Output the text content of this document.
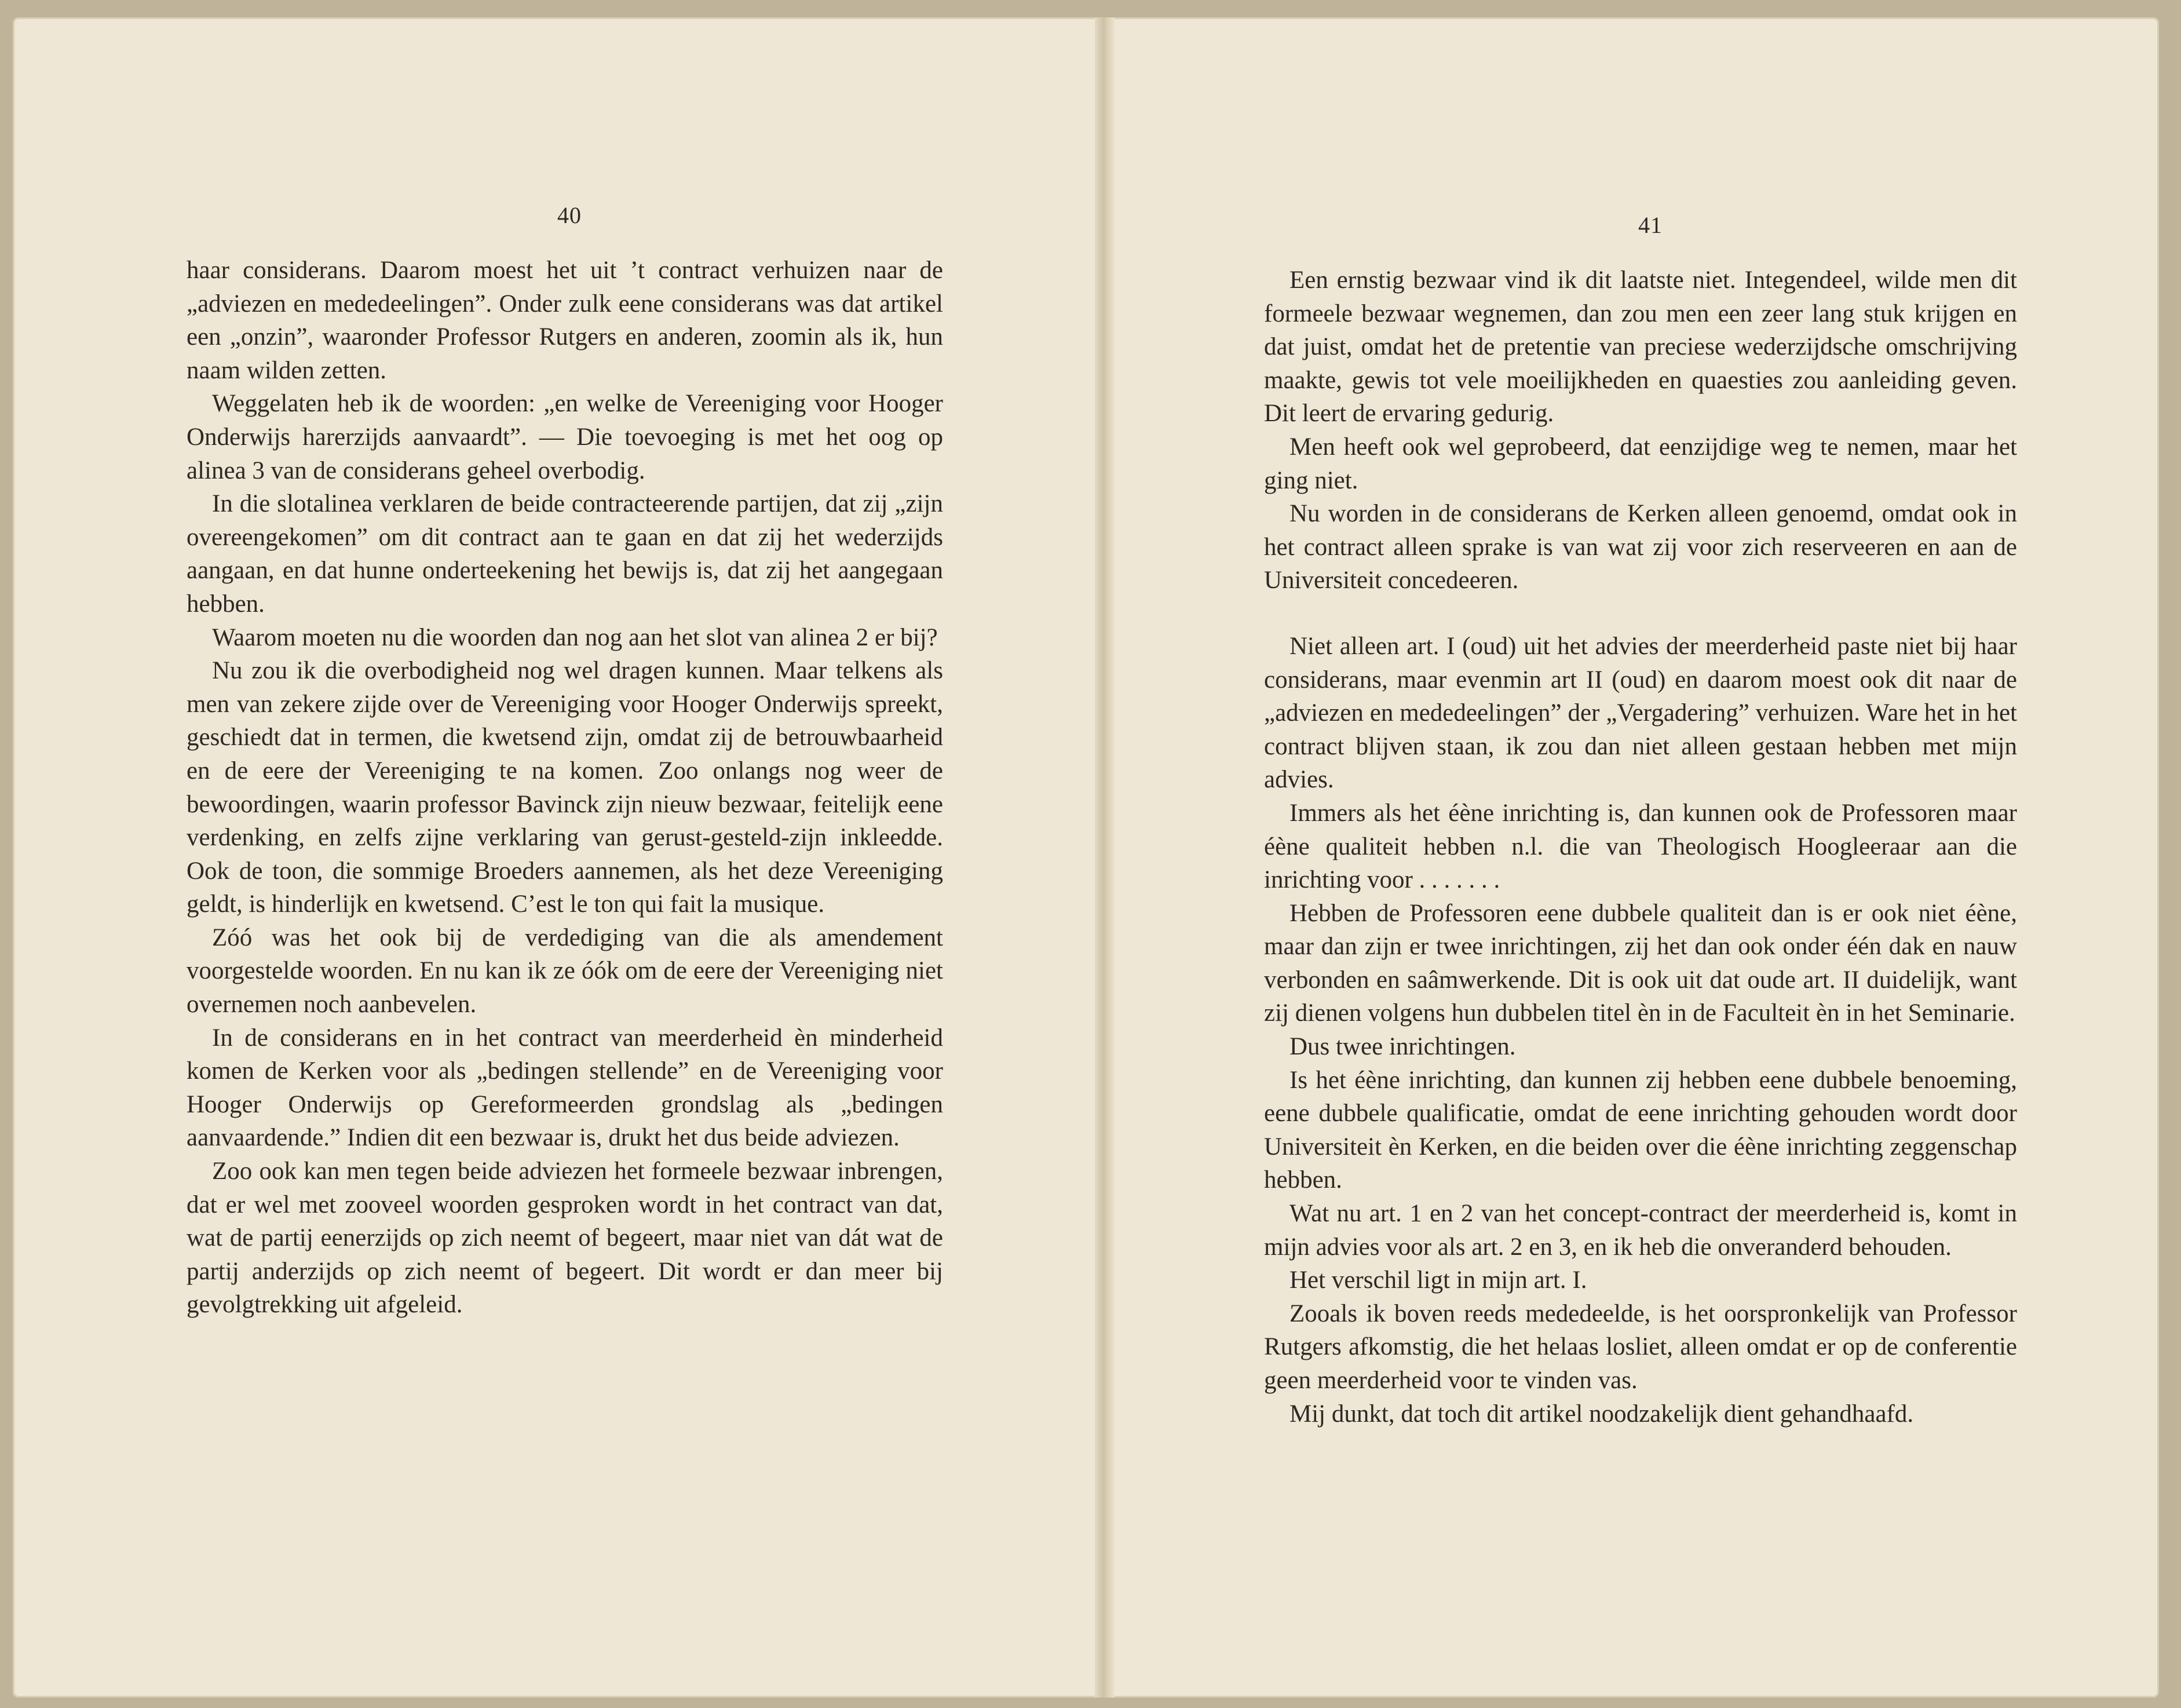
40

haar considerans. Daarom moest het uit ’t contract verhuizen naar de „adviezen en mededeelingen”. Onder zulk eene considerans was dat artikel een „onzin”, waaronder Professor Rutgers en anderen, zoomin als ik, hun naam wilden zetten.

Weggelaten heb ik de woorden: „en welke de Vereeniging voor Hooger Onderwijs harerzijds aanvaardt”. — Die toevoeging is met het oog op alinea 3 van de considerans geheel overbodig.

In die slotalinea verklaren de beide contracteerende partijen, dat zij „zijn overeengekomen” om dit contract aan te gaan en dat zij het wederzijds aangaan, en dat hunne onderteekening het bewijs is, dat zij het aangegaan hebben.

Waarom moeten nu die woorden dan nog aan het slot van alinea 2 er bij?

Nu zou ik die overbodigheid nog wel dragen kunnen. Maar telkens als men van zekere zijde over de Vereeniging voor Hooger Onderwijs spreekt, geschiedt dat in termen, die kwetsend zijn, omdat zij de betrouwbaarheid en de eere der Vereeniging te na komen. Zoo onlangs nog weer de bewoordingen, waarin professor Bavinck zijn nieuw bezwaar, feitelijk eene verdenking, en zelfs zijne verklaring van gerust-gesteld-zijn inkleedde. Ook de toon, die sommige Broeders aannemen, als het deze Vereeniging geldt, is hinderlijk en kwetsend. C’est le ton qui fait la musique.

Zóó was het ook bij de verdediging van die als amendement voorgestelde woorden. En nu kan ik ze óók om de eere der Vereeniging niet overnemen noch aanbevelen.

In de considerans en in het contract van meerderheid èn minderheid komen de Kerken voor als „bedingen stellende” en de Vereeniging voor Hooger Onderwijs op Gereformeerden grondslag als „bedingen aanvaardende.” Indien dit een bezwaar is, drukt het dus beide adviezen.

Zoo ook kan men tegen beide adviezen het formeele bezwaar inbrengen, dat er wel met zooveel woorden gesproken wordt in het contract van dat, wat de partij eenerzijds op zich neemt of begeert, maar niet van dát wat de partij anderzijds op zich neemt of begeert. Dit wordt er dan meer bij gevolgtrekking uit afgeleid.

41

Een ernstig bezwaar vind ik dit laatste niet. Integendeel, wilde men dit formeele bezwaar wegnemen, dan zou men een zeer lang stuk krijgen en dat juist, omdat het de pretentie van preciese wederzijdsche omschrijving maakte, gewis tot vele moeilijkheden en quaesties zou aanleiding geven. Dit leert de ervaring gedurig.

Men heeft ook wel geprobeerd, dat eenzijdige weg te nemen, maar het ging niet.

Nu worden in de considerans de Kerken alleen genoemd, omdat ook in het contract alleen sprake is van wat zij voor zich reserveeren en aan de Universiteit concedeeren.

Niet alleen art. I (oud) uit het advies der meerderheid paste niet bij haar considerans, maar evenmin art II (oud) en daarom moest ook dit naar de „adviezen en mededeelingen” der „Vergadering” verhuizen. Ware het in het contract blijven staan, ik zou dan niet alleen gestaan hebben met mijn advies.

Immers als het éène inrichting is, dan kunnen ook de Professoren maar éène qualiteit hebben n.l. die van Theologisch Hoogleeraar aan die inrichting voor . . . . . . .

Hebben de Professoren eene dubbele qualiteit dan is er ook niet éène, maar dan zijn er twee inrichtingen, zij het dan ook onder één dak en nauw verbonden en saâmwerkende. Dit is ook uit dat oude art. II duidelijk, want zij dienen volgens hun dubbelen titel èn in de Faculteit èn in het Seminarie.

Dus twee inrichtingen.

Is het éène inrichting, dan kunnen zij hebben eene dubbele benoeming, eene dubbele qualificatie, omdat de eene inrichting gehouden wordt door Universiteit èn Kerken, en die beiden over die éène inrichting zeggenschap hebben.

Wat nu art. 1 en 2 van het concept-contract der meerderheid is, komt in mijn advies voor als art. 2 en 3, en ik heb die onveranderd behouden.

Het verschil ligt in mijn art. I.

Zooals ik boven reeds mededeelde, is het oorspronkelijk van Professor Rutgers afkomstig, die het helaas losliet, alleen omdat er op de conferentie geen meerderheid voor te vinden vas.

Mij dunkt, dat toch dit artikel noodzakelijk dient gehandhaafd.
